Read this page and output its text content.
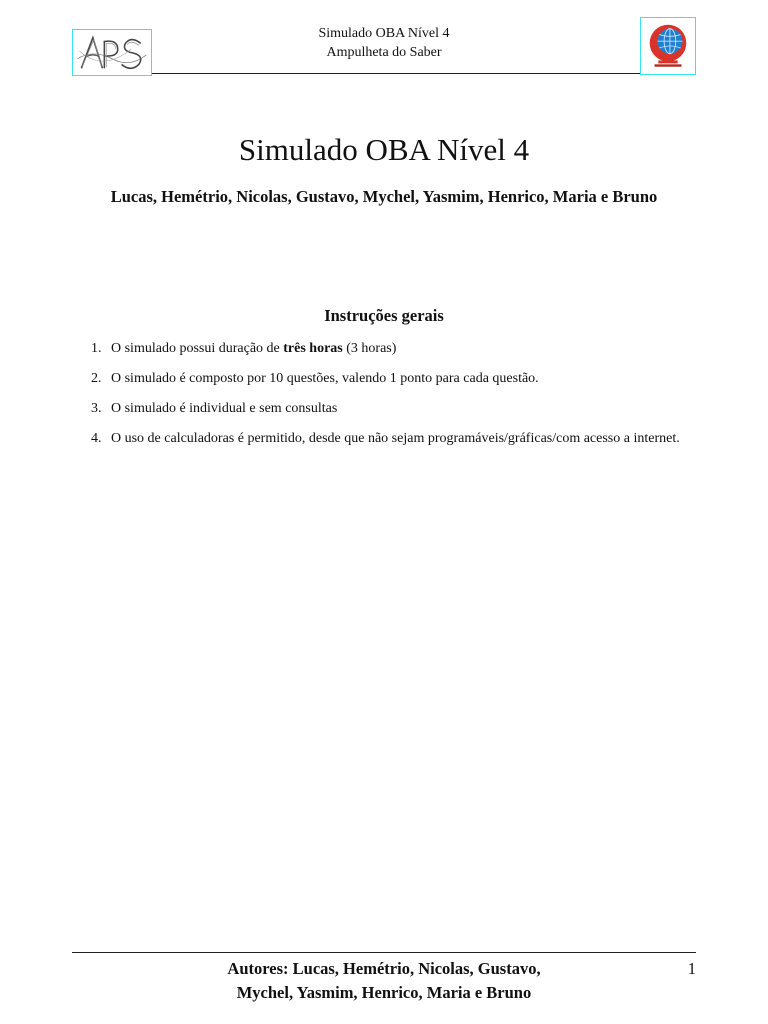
Simulado OBA Nível 4
Ampulheta do Saber
Simulado OBA Nível 4
Lucas, Hemétrio, Nicolas, Gustavo, Mychel, Yasmim, Henrico, Maria e Bruno
Instruções gerais
1. O simulado possui duração de três horas (3 horas)
2. O simulado é composto por 10 questões, valendo 1 ponto para cada questão.
3. O simulado é individual e sem consultas
4. O uso de calculadoras é permitido, desde que não sejam programáveis/gráficas/com acesso a internet.
Autores: Lucas, Hemétrio, Nicolas, Gustavo,
Mychel, Yasmim, Henrico, Maria e Bruno
1
